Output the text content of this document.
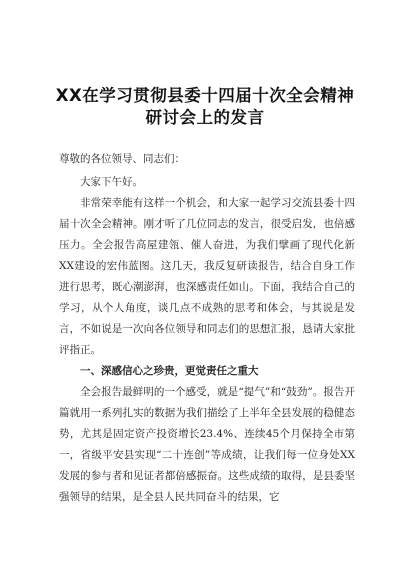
XX在学习贯彻县委十四届十次全会精神
研讨会上的发言

尊敬的各位领导、同志们：

大家下午好。

非常荣幸能有这样一个机会，和大家一起学习交流县委十四届十次全会精神。刚才听了几位同志的发言，很受启发，也倍感压力。全会报告高屋建瓴、催人奋进，为我们擘画了现代化新XX建设的宏伟蓝图。这几天，我反复研读报告，结合自身工作进行思考，既心潮澎湃，也深感责任如山。下面，我结合自己的学习，从个人角度，谈几点不成熟的思考和体会，与其说是发言，不如说是一次向各位领导和同志们的思想汇报，恳请大家批评指正。

一、深感信心之珍贵，更觉责任之重大

全会报告最鲜明的一个感受，就是“提气”和“鼓劲”。报告开篇就用一系列扎实的数据为我们描绘了上半年全县发展的稳健态势，尤其是固定资产投资增长23.4%、连续45个月保持全市第一，省级平安县实现“二十连创”等成绩，让我们每一位身处XX发展的参与者和见证者都倍感振奋。这些成绩的取得，是县委坚强领导的结果，是全县人民共同奋斗的结果，它
